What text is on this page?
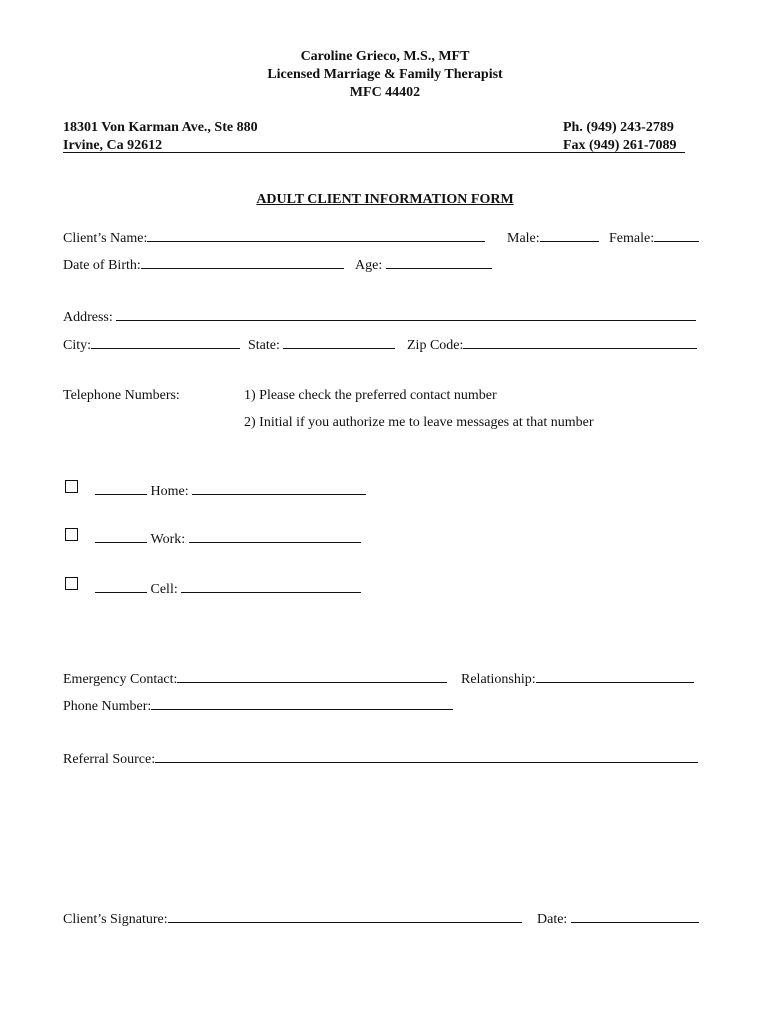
Caroline Grieco, M.S., MFT
Licensed Marriage & Family Therapist
MFC 44402
18301 Von Karman Ave., Ste 880
Irvine, Ca 92612
Ph. (949) 243-2789
Fax (949) 261-7089
ADULT CLIENT INFORMATION FORM
Client’s Name:	Male:	Female:
Date of Birth:	Age:
Address:
City:	State:	Zip Code:
Telephone Numbers:	1) Please check the preferred contact number
2) Initial if you authorize me to leave messages at that number
Home:
Work:
Cell:
Emergency Contact:	Relationship:
Phone Number:
Referral Source:
Client’s Signature:	Date:
